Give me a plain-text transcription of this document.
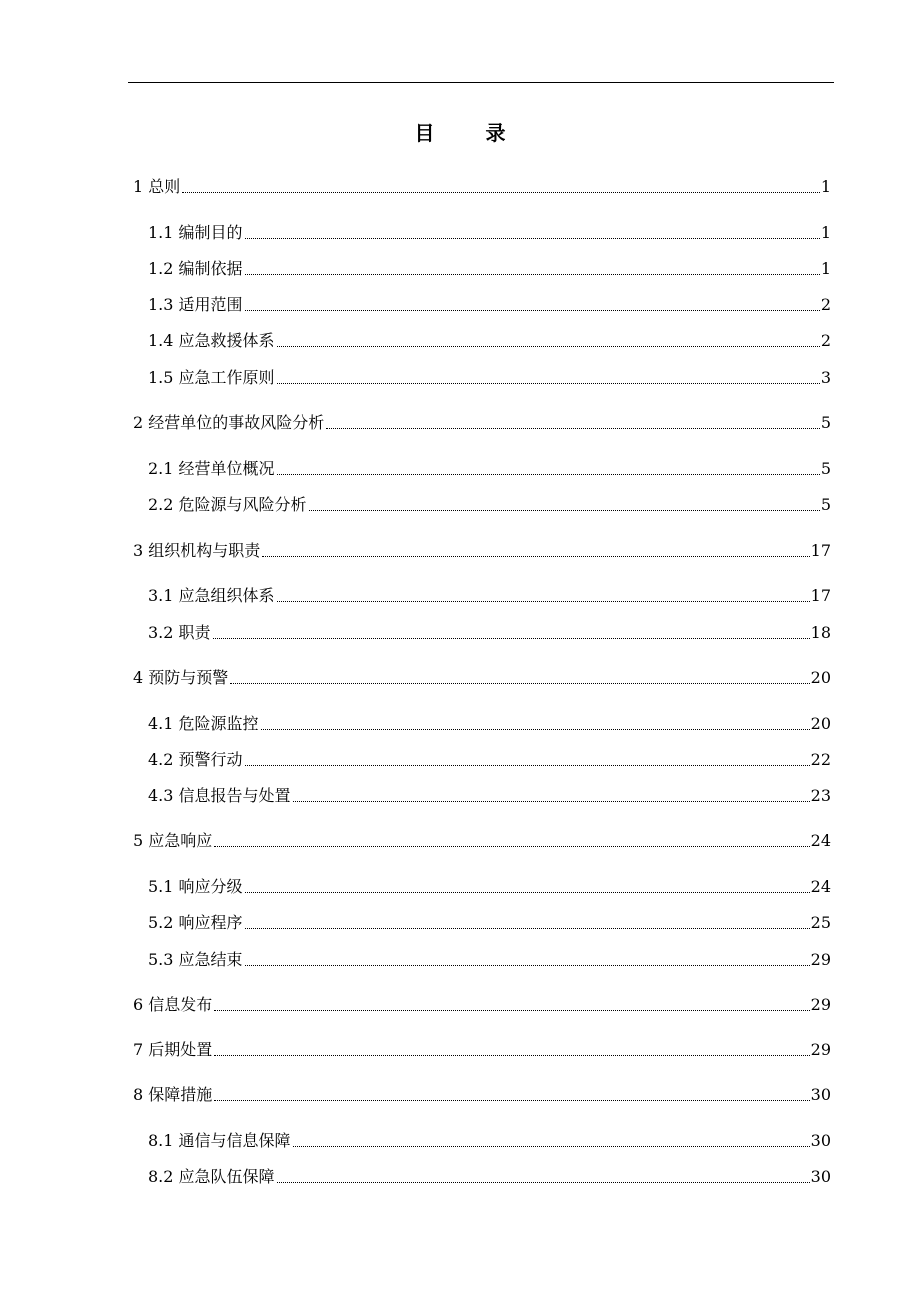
目 录
1 总则	1
1.1 编制目的	1
1.2 编制依据	1
1.3 适用范围	2
1.4 应急救援体系	2
1.5 应急工作原则	3
2 经营单位的事故风险分析	5
2.1 经营单位概况	5
2.2 危险源与风险分析	5
3 组织机构与职责	17
3.1 应急组织体系	17
3.2 职责	18
4 预防与预警	20
4.1 危险源监控	20
4.2 预警行动	22
4.3 信息报告与处置	23
5 应急响应	24
5.1 响应分级	24
5.2 响应程序	25
5.3 应急结束	29
6 信息发布	29
7 后期处置	29
8 保障措施	30
8.1 通信与信息保障	30
8.2 应急队伍保障	30
